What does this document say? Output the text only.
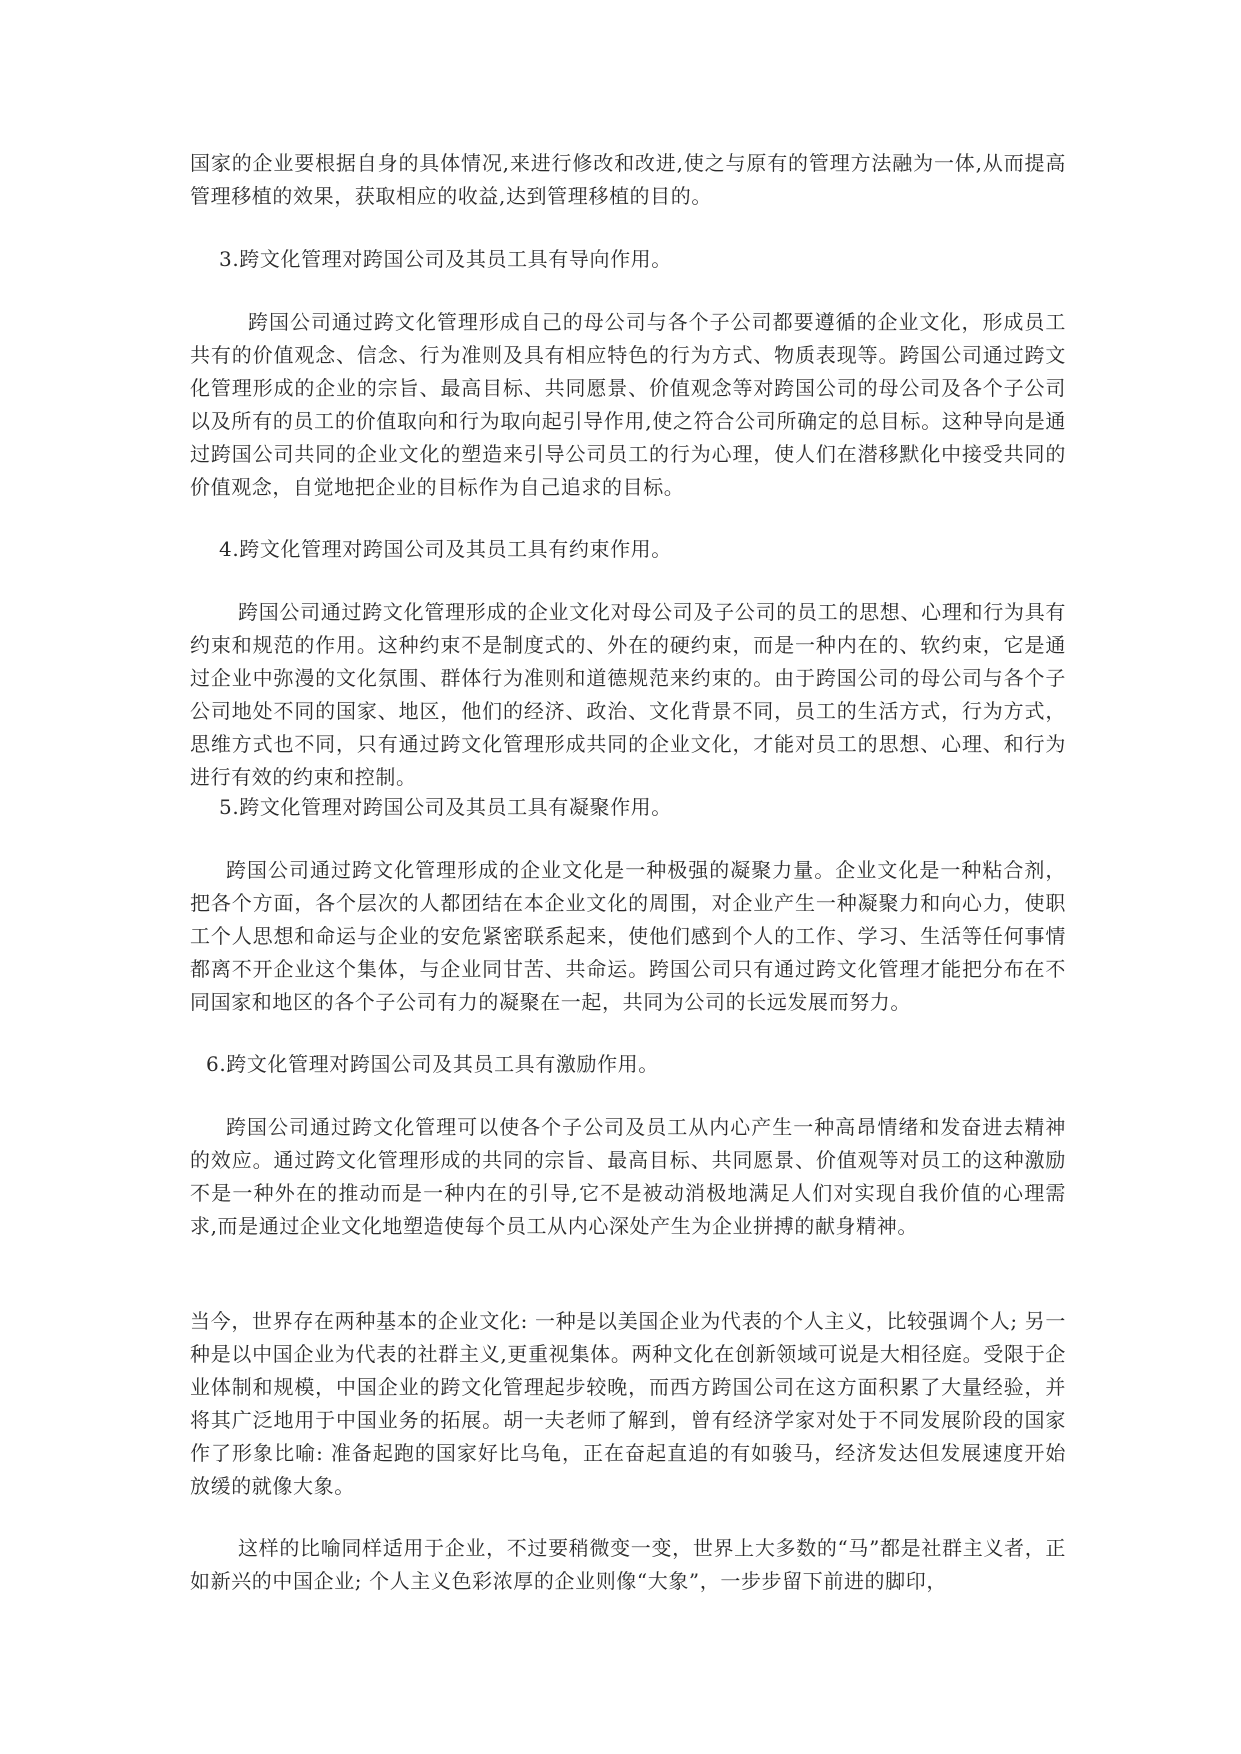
国家的企业要根据自身的具体情况,来进行修改和改进,使之与原有的管理方法融为一体,从而提高管理移植的效果，获取相应的收益,达到管理移植的目的。

3.跨文化管理对跨国公司及其员工具有导向作用。

跨国公司通过跨文化管理形成自己的母公司与各个子公司都要遵循的企业文化，形成员工共有的价值观念、信念、行为准则及具有相应特色的行为方式、物质表现等。跨国公司通过跨文化管理形成的企业的宗旨、最高目标、共同愿景、价值观念等对跨国公司的母公司及各个子公司以及所有的员工的价值取向和行为取向起引导作用,使之符合公司所确定的总目标。这种导向是通过跨国公司共同的企业文化的塑造来引导公司员工的行为心理，使人们在潜移默化中接受共同的价值观念，自觉地把企业的目标作为自己追求的目标。

4.跨文化管理对跨国公司及其员工具有约束作用。

跨国公司通过跨文化管理形成的企业文化对母公司及子公司的员工的思想、心理和行为具有约束和规范的作用。这种约束不是制度式的、外在的硬约束，而是一种内在的、软约束，它是通过企业中弥漫的文化氛围、群体行为准则和道德规范来约束的。由于跨国公司的母公司与各个子公司地处不同的国家、地区，他们的经济、政治、文化背景不同，员工的生活方式，行为方式，思维方式也不同，只有通过跨文化管理形成共同的企业文化，才能对员工的思想、心理、和行为进行有效的约束和控制。

5.跨文化管理对跨国公司及其员工具有凝聚作用。

跨国公司通过跨文化管理形成的企业文化是一种极强的凝聚力量。企业文化是一种粘合剂，把各个方面，各个层次的人都团结在本企业文化的周围，对企业产生一种凝聚力和向心力，使职工个人思想和命运与企业的安危紧密联系起来，使他们感到个人的工作、学习、生活等任何事情都离不开企业这个集体，与企业同甘苦、共命运。跨国公司只有通过跨文化管理才能把分布在不同国家和地区的各个子公司有力的凝聚在一起，共同为公司的长远发展而努力。

6.跨文化管理对跨国公司及其员工具有激励作用。

跨国公司通过跨文化管理可以使各个子公司及员工从内心产生一种高昂情绪和发奋进去精神的效应。通过跨文化管理形成的共同的宗旨、最高目标、共同愿景、价值观等对员工的这种激励不是一种外在的推动而是一种内在的引导,它不是被动消极地满足人们对实现自我价值的心理需求,而是通过企业文化地塑造使每个员工从内心深处产生为企业拼搏的献身精神。

当今，世界存在两种基本的企业文化: 一种是以美国企业为代表的个人主义，比较强调个人; 另一种是以中国企业为代表的社群主义,更重视集体。两种文化在创新领域可说是大相径庭。受限于企业体制和规模，中国企业的跨文化管理起步较晚，而西方跨国公司在这方面积累了大量经验，并将其广泛地用于中国业务的拓展。胡一夫老师了解到，曾有经济学家对处于不同发展阶段的国家作了形象比喻: 准备起跑的国家好比乌龟，正在奋起直追的有如骏马，经济发达但发展速度开始放缓的就像大象。

这样的比喻同样适用于企业，不过要稍微变一变，世界上大多数的“马”都是社群主义者，正如新兴的中国企业; 个人主义色彩浓厚的企业则像“大象”，一步步留下前进的脚印，
